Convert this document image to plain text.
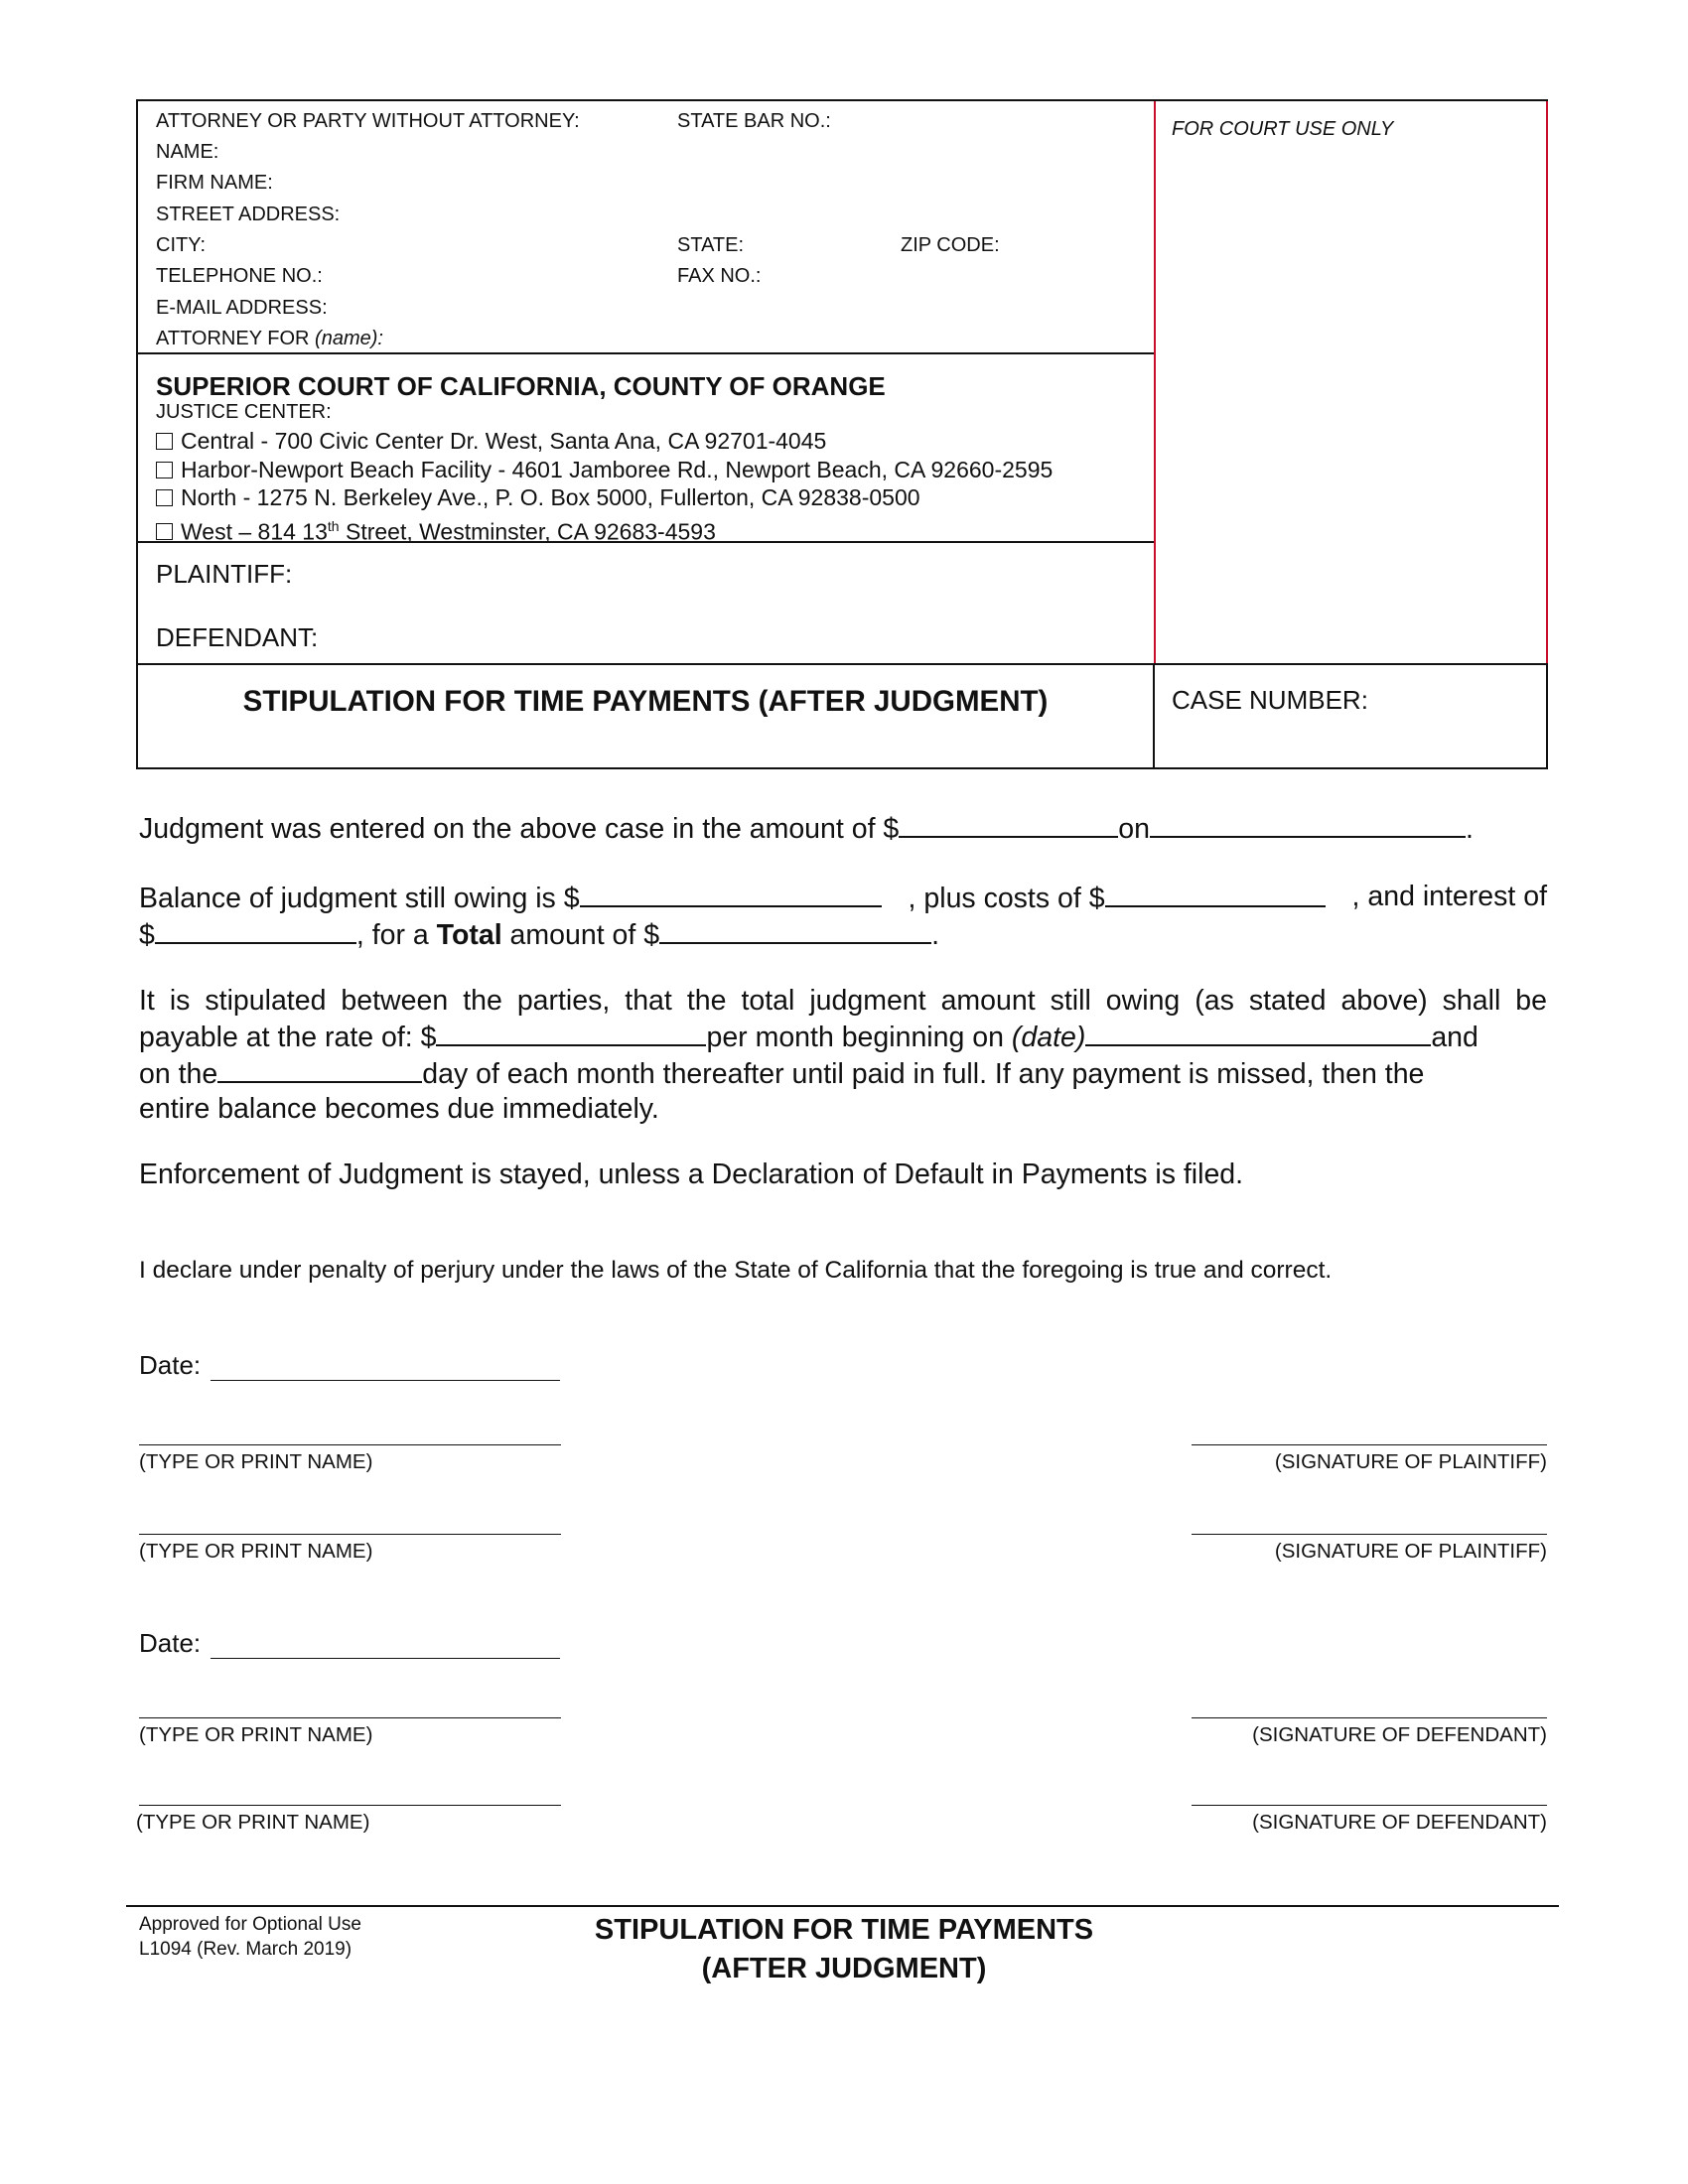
ATTORNEY OR PARTY WITHOUT ATTORNEY:	STATE BAR NO.:
NAME:
FIRM NAME:
STREET ADDRESS:
CITY:	STATE:	ZIP CODE:
TELEPHONE NO.:	FAX NO.:
E-MAIL ADDRESS:
ATTORNEY FOR (name):
FOR COURT USE ONLY
SUPERIOR COURT OF CALIFORNIA, COUNTY OF ORANGE
JUSTICE CENTER:
Central - 700 Civic Center Dr. West, Santa Ana, CA 92701-4045
Harbor-Newport Beach Facility - 4601 Jamboree Rd., Newport Beach, CA 92660-2595
North - 1275 N. Berkeley Ave., P. O. Box 5000, Fullerton, CA 92838-0500
West – 814 13th Street, Westminster, CA 92683-4593
PLAINTIFF:
DEFENDANT:
STIPULATION FOR TIME PAYMENTS (AFTER JUDGMENT)	CASE NUMBER:
Judgment was entered on the above case in the amount of $	on	.
Balance of judgment still owing is $	, plus costs of $	, and interest of
$	, for a Total amount of $	.
It is stipulated between the parties, that the total judgment amount still owing (as stated above) shall be
payable at the rate of: $	per month beginning on (date)	and
on the	day of each month thereafter until paid in full. If any payment is missed, then the
entire balance becomes due immediately.
Enforcement of Judgment is stayed, unless a Declaration of Default in Payments is filed.
I declare under penalty of perjury under the laws of the State of California that the foregoing is true and correct.
Date:
(TYPE OR PRINT NAME)	(SIGNATURE OF PLAINTIFF)
(TYPE OR PRINT NAME)	(SIGNATURE OF PLAINTIFF)
Date:
(TYPE OR PRINT NAME)	(SIGNATURE OF DEFENDANT)
(TYPE OR PRINT NAME)	(SIGNATURE OF DEFENDANT)
Approved for Optional Use
L1094 (Rev. March 2019)
STIPULATION FOR TIME PAYMENTS
(AFTER JUDGMENT)
